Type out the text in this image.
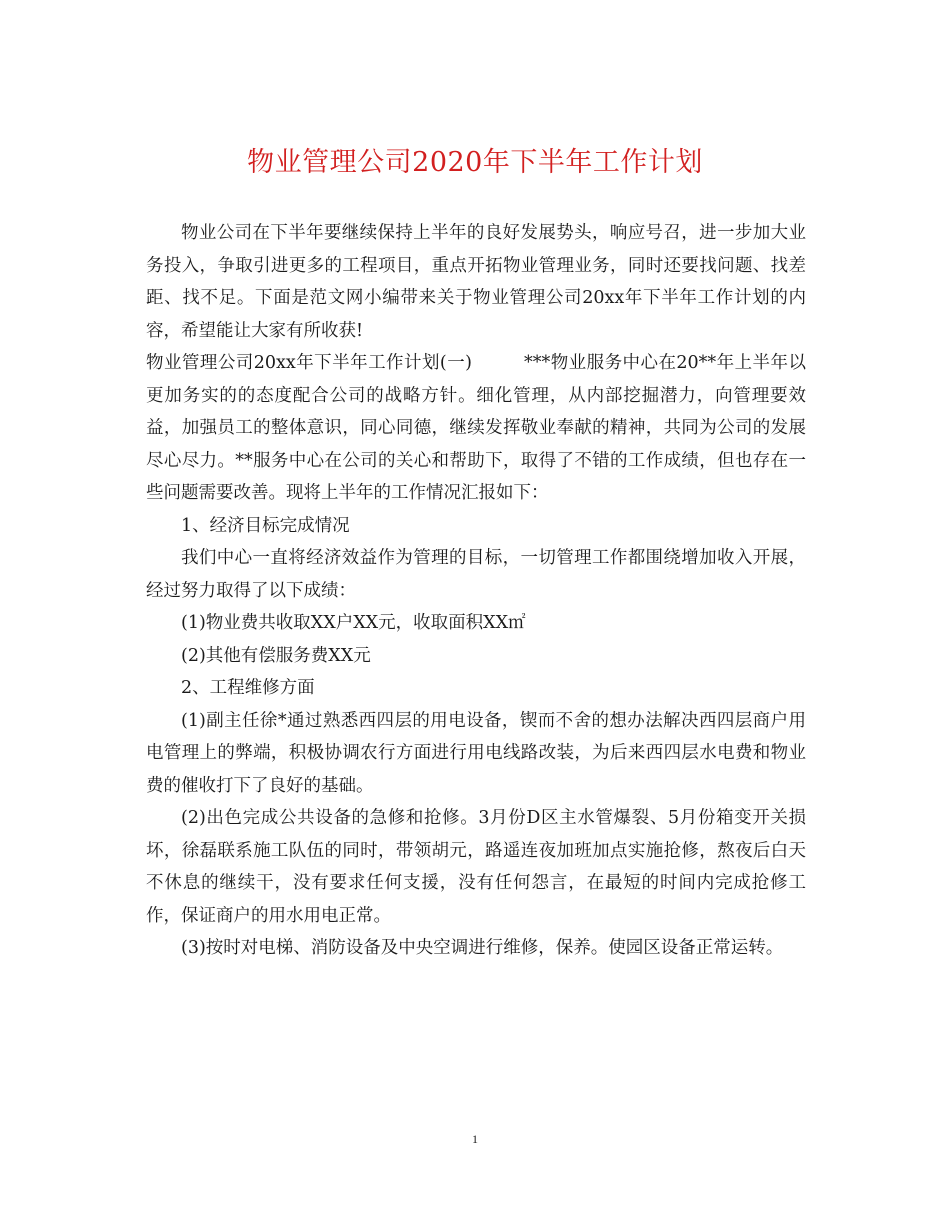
物业管理公司2020年下半年工作计划

物业公司在下半年要继续保持上半年的良好发展势头，响应号召，进一步加大业务投入，争取引进更多的工程项目，重点开拓物业管理业务，同时还要找问题、找差距、找不足。下面是范文网小编带来关于物业管理公司20xx年下半年工作计划的内容，希望能让大家有所收获!

物业管理公司20xx年下半年工作计划(一)	***物业服务中心在20**年上半年以更加务实的的态度配合公司的战略方针。细化管理，从内部挖掘潜力，向管理要效益，加强员工的整体意识，同心同德，继续发挥敬业奉献的精神，共同为公司的发展尽心尽力。**服务中心在公司的关心和帮助下，取得了不错的工作成绩，但也存在一些问题需要改善。现将上半年的工作情况汇报如下：

1、经济目标完成情况

我们中心一直将经济效益作为管理的目标，一切管理工作都围绕增加收入开展，经过努力取得了以下成绩：

(1)物业费共收取XX户XX元，收取面积XX㎡

(2)其他有偿服务费XX元

2、工程维修方面

(1)副主任徐*通过熟悉西四层的用电设备，锲而不舍的想办法解决西四层商户用电管理上的弊端，积极协调农行方面进行用电线路改装，为后来西四层水电费和物业费的催收打下了良好的基础。

(2)出色完成公共设备的急修和抢修。3月份D区主水管爆裂、5月份箱变开关损坏，徐磊联系施工队伍的同时，带领胡元，路遥连夜加班加点实施抢修，熬夜后白天不休息的继续干，没有要求任何支援，没有任何怨言，在最短的时间内完成抢修工作，保证商户的用水用电正常。

(3)按时对电梯、消防设备及中央空调进行维修，保养。使园区设备正常运转。

1
